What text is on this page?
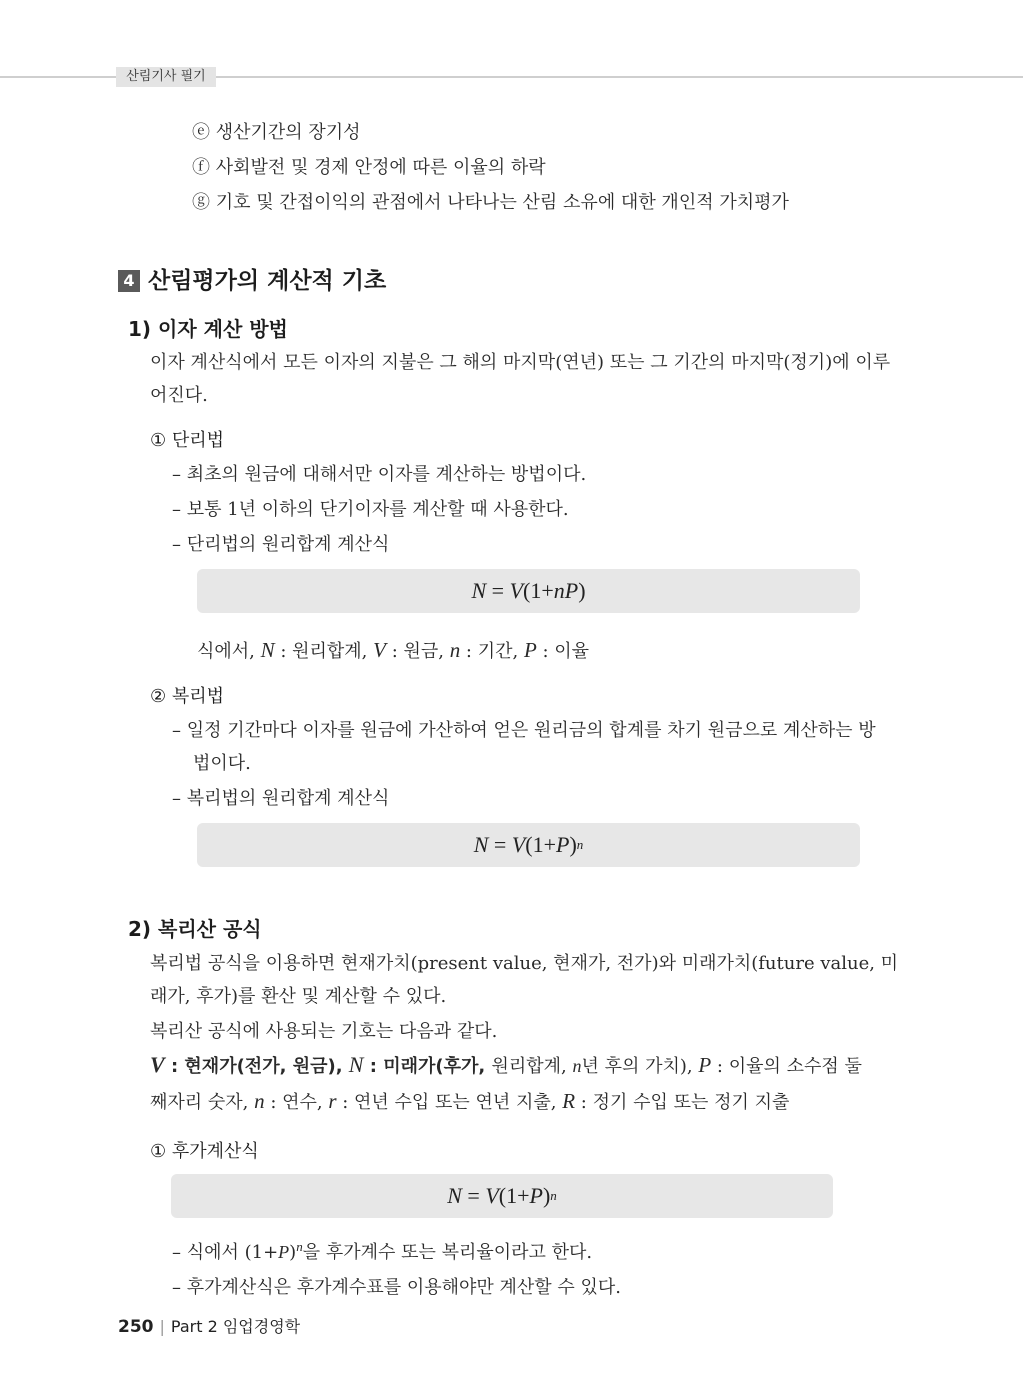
산림기사 필기
ⓔ 생산기간의 장기성
ⓕ 사회발전 및 경제 안정에 따른 이율의 하락
ⓖ 기호 및 간접이익의 관점에서 나타나는 산림 소유에 대한 개인적 가치평가
4 산림평가의 계산적 기초
1) 이자 계산 방법
이자 계산식에서 모든 이자의 지불은 그 해의 마지막(연년) 또는 그 기간의 마지막(정기)에 이루
어진다.
① 단리법
– 최초의 원금에 대해서만 이자를 계산하는 방법이다.
– 보통 1년 이하의 단기이자를 계산할 때 사용한다.
– 단리법의 원리합계 계산식
N = V (1+ n P )
식에서, N : 원리합계, V : 원금, n : 기간, P : 이율
② 복리법
– 일정 기간마다 이자를 원금에 가산하여 얻은 원리금의 합계를 차기 원금으로 계산하는 방
법이다.
– 복리법의 원리합계 계산식
N = V (1+ P ) n
2) 복리산 공식
복리법 공식을 이용하면 현재가치(present value, 현재가, 전가)와 미래가치(future value, 미
래가, 후가)를 환산 및 계산할 수 있다.
복리산 공식에 사용되는 기호는 다음과 같다.
V : 현재가(전가, 원금), N : 미래가(후가, 원리합계, n년 후의 가치), P : 이율의 소수점 둘
째자리 숫자, n : 연수, r : 연년 수입 또는 연년 지출, R : 정기 수입 또는 정기 지출
① 후가계산식
N = V (1+ P ) n
– 식에서 $(1+P)^n$을 후가계수 또는 복리율이라고 한다.
– 후가계산식은 후가계수표를 이용해야만 계산할 수 있다.
250 | Part 2 임업경영학
